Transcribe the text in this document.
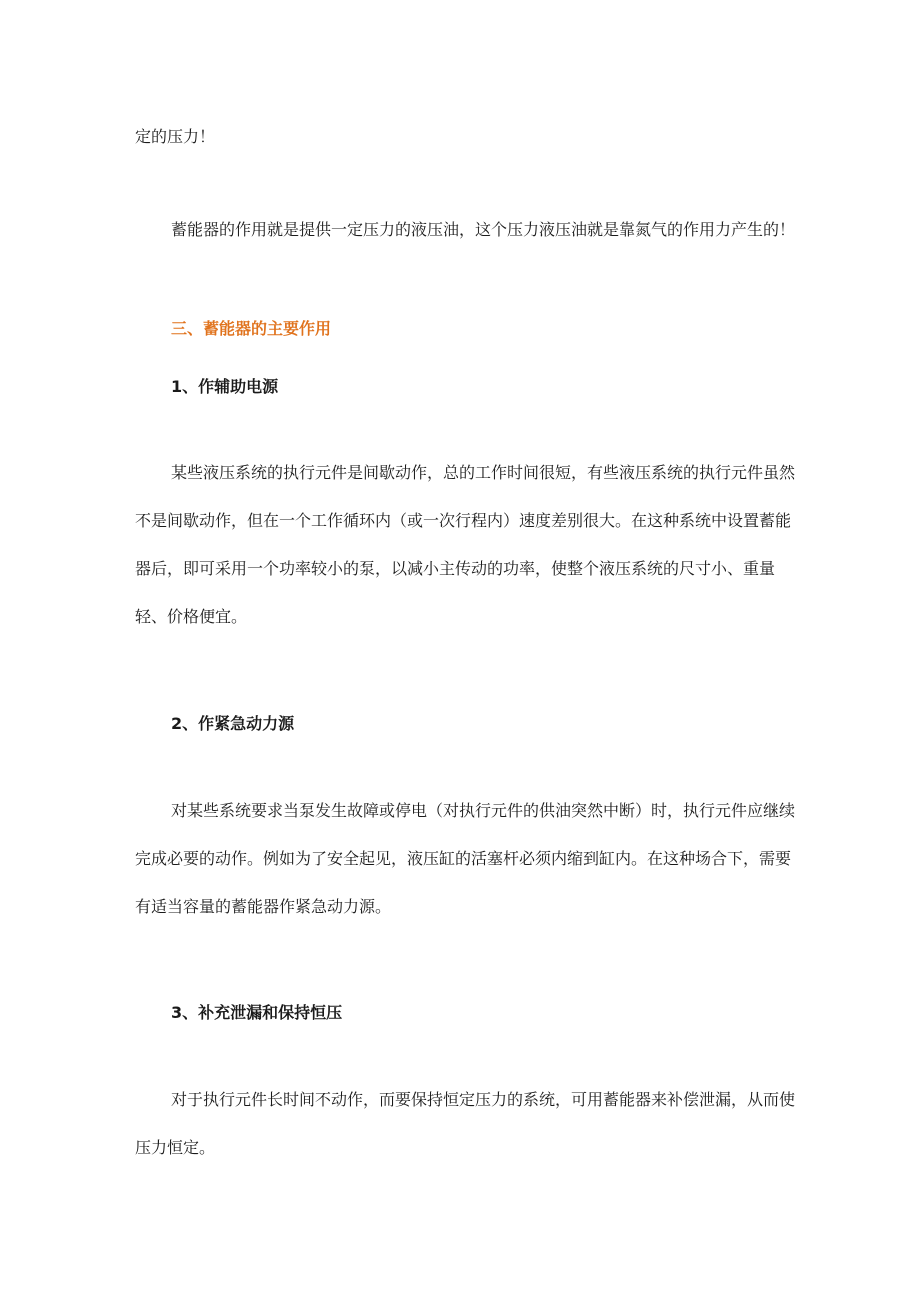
定的压力！

蓄能器的作用就是提供一定压力的液压油，这个压力液压油就是靠氮气的作用力产生的！

三、蓄能器的主要作用
1、作辅助电源

某些液压系统的执行元件是间歇动作，总的工作时间很短，有些液压系统的执行元件虽然不是间歇动作，但在一个工作循环内（或一次行程内）速度差别很大。在这种系统中设置蓄能器后，即可采用一个功率较小的泵，以减小主传动的功率，使整个液压系统的尺寸小、重量轻、价格便宜。

2、作紧急动力源

对某些系统要求当泵发生故障或停电（对执行元件的供油突然中断）时，执行元件应继续完成必要的动作。例如为了安全起见，液压缸的活塞杆必须内缩到缸内。在这种场合下，需要有适当容量的蓄能器作紧急动力源。

3、补充泄漏和保持恒压

对于执行元件长时间不动作，而要保持恒定压力的系统，可用蓄能器来补偿泄漏，从而使压力恒定。
